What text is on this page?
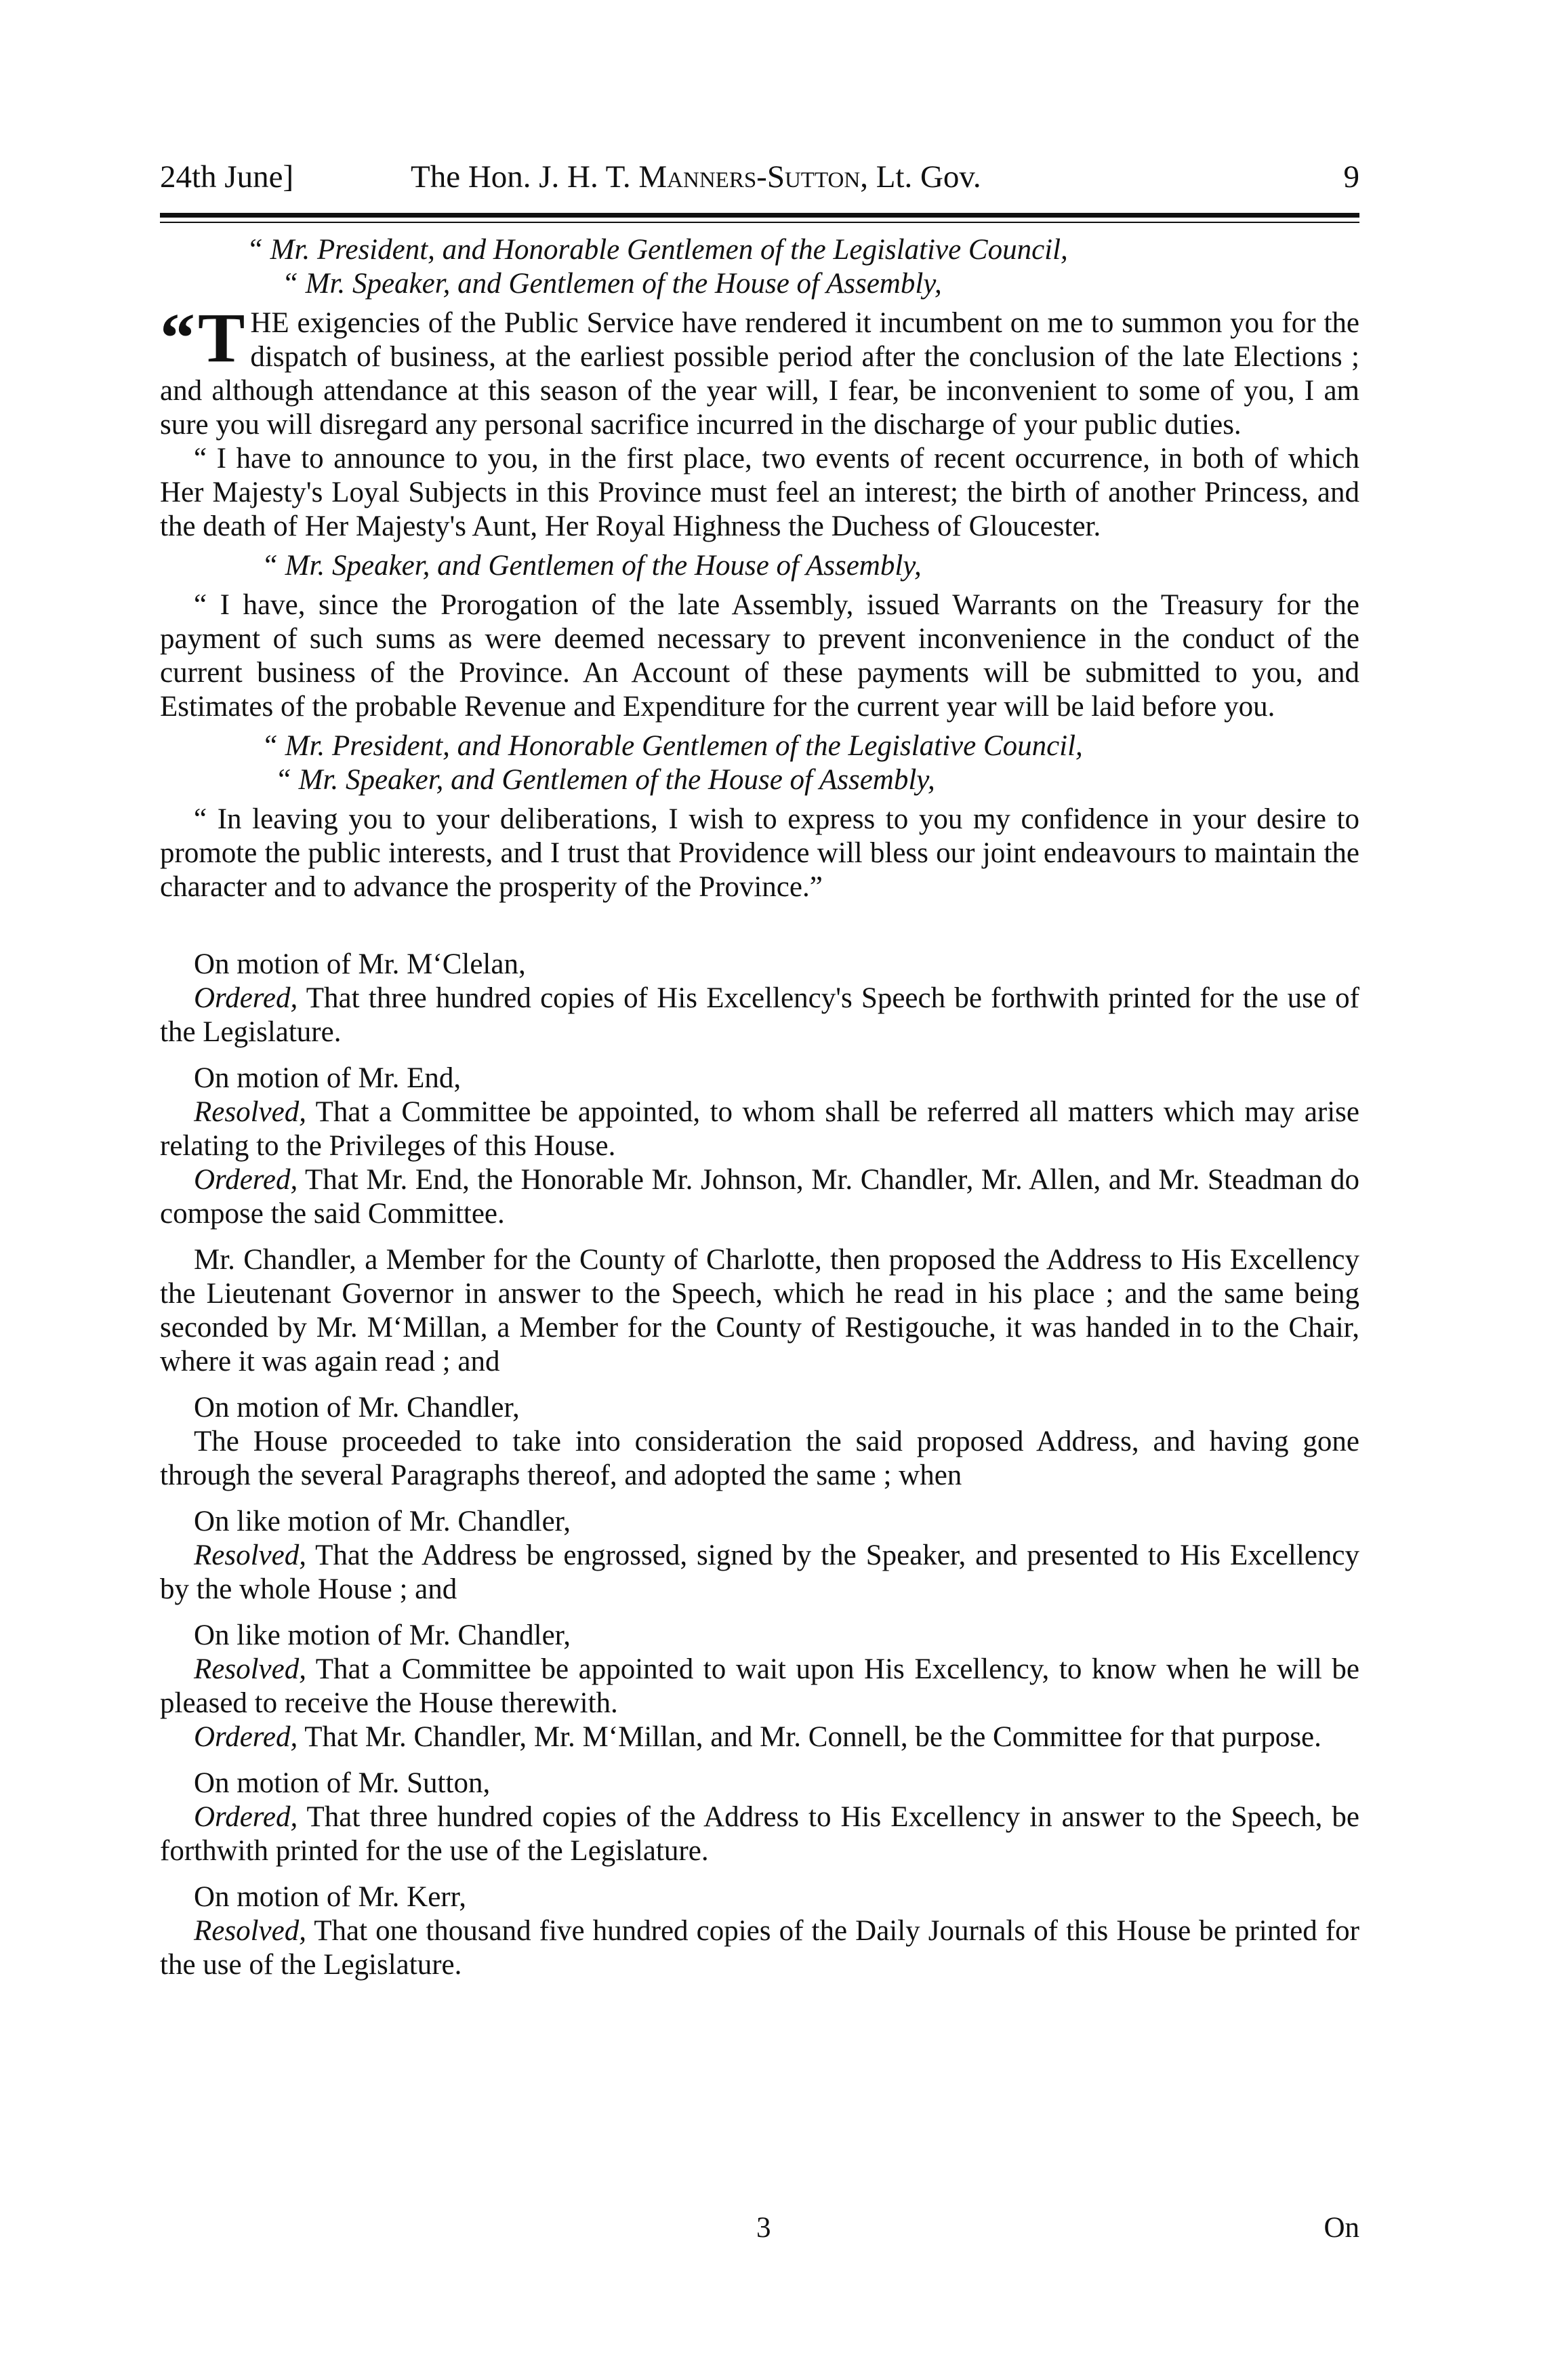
24th June]	The Hon. J. H. T. Manners-Sutton, Lt. Gov.	9

“ Mr. President, and Honorable Gentlemen of the Legislative Council,

“ Mr. Speaker, and Gentlemen of the House of Assembly,

“T HE exigencies of the Public Service have rendered it incumbent on me to summon you for the dispatch of business, at the earliest possible period after the conclusion of the late Elections ; and although attendance at this season of the year will, I fear, be inconvenient to some of you, I am sure you will disregard any personal sacrifice incurred in the discharge of your public duties.

“ I have to announce to you, in the first place, two events of recent occurrence, in both of which Her Majesty's Loyal Subjects in this Province must feel an interest; the birth of another Princess, and the death of Her Majesty's Aunt, Her Royal Highness the Duchess of Gloucester.

“ Mr. Speaker, and Gentlemen of the House of Assembly,

“ I have, since the Prorogation of the late Assembly, issued Warrants on the Treasury for the payment of such sums as were deemed necessary to prevent inconvenience in the conduct of the current business of the Province. An Account of these payments will be submitted to you, and Estimates of the probable Revenue and Expenditure for the current year will be laid before you.

“ Mr. President, and Honorable Gentlemen of the Legislative Council,

“ Mr. Speaker, and Gentlemen of the House of Assembly,

“ In leaving you to your deliberations, I wish to express to you my confidence in your desire to promote the public interests, and I trust that Providence will bless our joint endeavours to maintain the character and to advance the prosperity of the Province.”

On motion of Mr. M‘Clelan,

Ordered, That three hundred copies of His Excellency's Speech be forthwith printed for the use of the Legislature.

On motion of Mr. End,

Resolved, That a Committee be appointed, to whom shall be referred all matters which may arise relating to the Privileges of this House.

Ordered, That Mr. End, the Honorable Mr. Johnson, Mr. Chandler, Mr. Allen, and Mr. Steadman do compose the said Committee.

Mr. Chandler, a Member for the County of Charlotte, then proposed the Address to His Excellency the Lieutenant Governor in answer to the Speech, which he read in his place ; and the same being seconded by Mr. M‘Millan, a Member for the County of Restigouche, it was handed in to the Chair, where it was again read ; and

On motion of Mr. Chandler,

The House proceeded to take into consideration the said proposed Address, and having gone through the several Paragraphs thereof, and adopted the same ; when

On like motion of Mr. Chandler,

Resolved, That the Address be engrossed, signed by the Speaker, and presented to His Excellency by the whole House ; and

On like motion of Mr. Chandler,

Resolved, That a Committee be appointed to wait upon His Excellency, to know when he will be pleased to receive the House therewith.

Ordered, That Mr. Chandler, Mr. M‘Millan, and Mr. Connell, be the Committee for that purpose.

On motion of Mr. Sutton,

Ordered, That three hundred copies of the Address to His Excellency in answer to the Speech, be forthwith printed for the use of the Legislature.

On motion of Mr. Kerr,

Resolved, That one thousand five hundred copies of the Daily Journals of this House be printed for the use of the Legislature.

3	On
